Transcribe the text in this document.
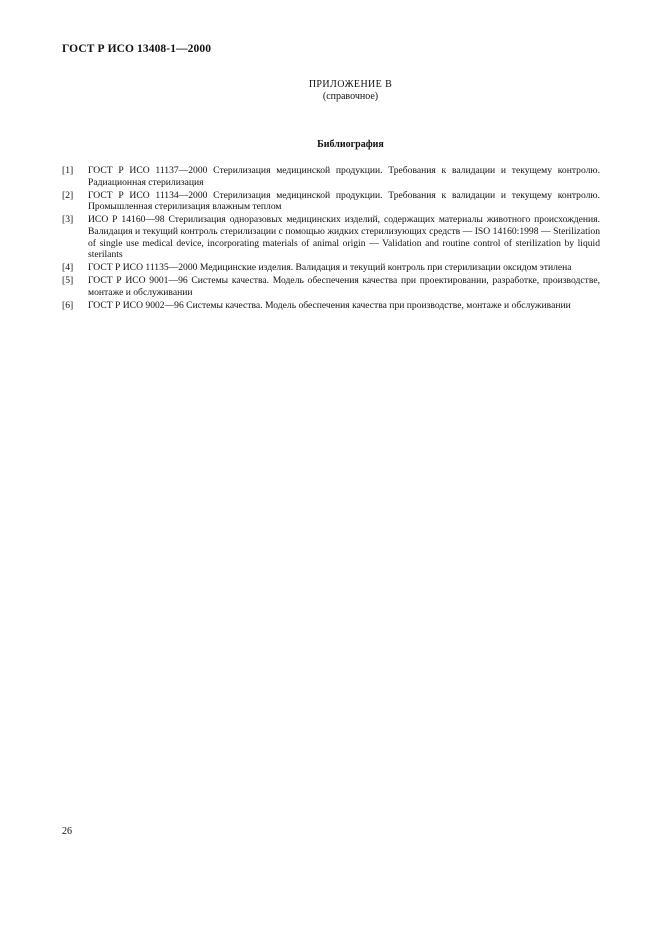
ГОСТ Р ИСО 13408-1—2000
ПРИЛОЖЕНИЕ В
(справочное)
Библиография
[1]	ГОСТ Р ИСО 11137—2000 Стерилизация медицинской продукции. Требования к валидации и текущему контролю. Радиационная стерилизация
[2]	ГОСТ Р ИСО 11134—2000 Стерилизация медицинской продукции. Требования к валидации и текущему контролю. Промышленная стерилизация влажным теплом
[3]	ИСО Р 14160—98 Стерилизация одноразовых медицинских изделий, содержащих материалы животного происхождения. Валидация и текущий контроль стерилизации с помощью жидких стерилизующих средств — ISO 14160:1998 — Sterilization of single use medical device, incorporating materials of animal origin — Validation and routine control of sterilization by liquid sterilants
[4]	ГОСТ Р ИСО 11135—2000 Медицинские изделия. Валидация и текущий контроль при стерилизации оксидом этилена
[5]	ГОСТ Р ИСО 9001—96 Системы качества. Модель обеспечения качества при проектировании, разработке, производстве, монтаже и обслуживании
[6]	ГОСТ Р ИСО 9002—96 Системы качества. Модель обеспечения качества при производстве, монтаже и обслуживании
26
